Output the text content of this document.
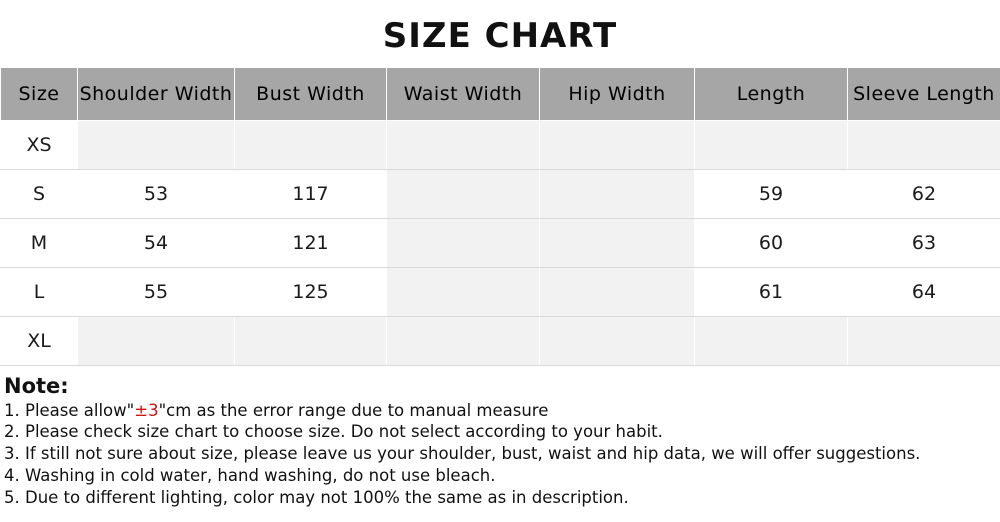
SIZE CHART
Size	Shoulder Width	Bust Width	Waist Width	Hip Width	Length	Sleeve Length
XS						
S	53	117			59	62
M	54	121			60	63
L	55	125			61	64
XL						
Note:
1. Please allow"±3"cm as the error range due to manual measure
2. Please check size chart to choose size. Do not select according to your habit.
3. If still not sure about size, please leave us your shoulder, bust, waist and hip data, we will offer suggestions.
4. Washing in cold water, hand washing, do not use bleach.
5. Due to different lighting, color may not 100% the same as in description.
